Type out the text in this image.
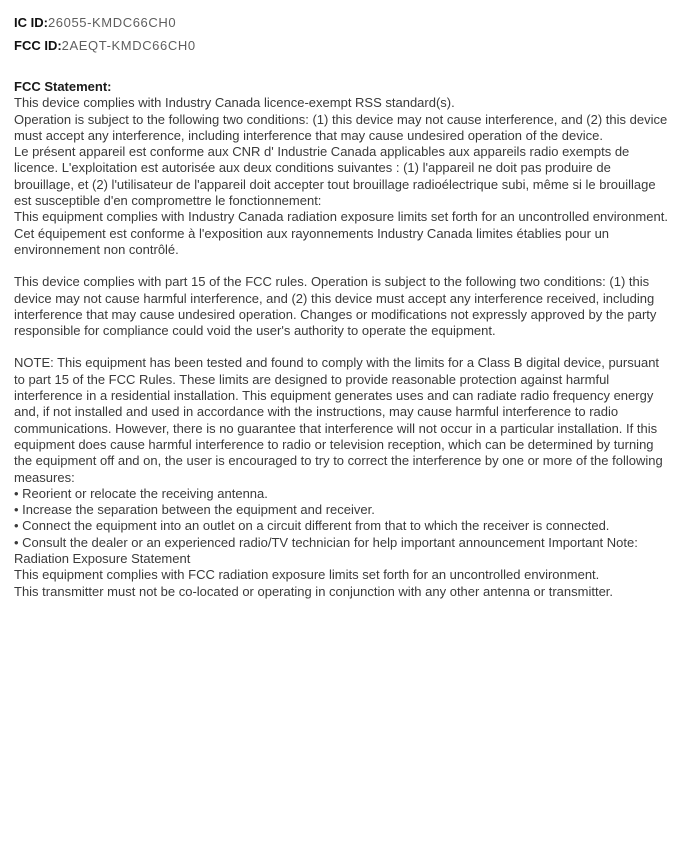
IC ID:26055-KMDC66CH0

FCC ID:2AEQT-KMDC66CH0

FCC Statement:

This device complies with Industry Canada licence-exempt RSS standard(s).

Operation is subject to the following two conditions: (1) this device may not cause interference, and (2) this device must accept any interference, including interference that may cause undesired operation of the device.

Le présent appareil est conforme aux CNR d' Industrie Canada applicables aux appareils radio exempts de licence. L'exploitation est autorisée aux deux conditions suivantes : (1) l'appareil ne doit pas produire de brouillage, et (2) l'utilisateur de l'appareil doit accepter tout brouillage radioélectrique subi, même si le brouillage est susceptible d'en compromettre le fonctionnement:

This equipment complies with Industry Canada radiation exposure limits set forth for an uncontrolled environment.

Cet équipement est conforme à l'exposition aux rayonnements Industry Canada limites établies pour un environnement non contrôlé.

This device complies with part 15 of the FCC rules. Operation is subject to the following two conditions: (1) this device may not cause harmful interference, and (2) this device must accept any interference received, including interference that may cause undesired operation. Changes or modifications not expressly approved by the party responsible for compliance could void the user's authority to operate the equipment.

NOTE: This equipment has been tested and found to comply with the limits for a Class B digital device, pursuant to part 15 of the FCC Rules. These limits are designed to provide reasonable protection against harmful interference in a residential installation. This equipment generates uses and can radiate radio frequency energy and, if not installed and used in accordance with the instructions, may cause harmful interference to radio communications. However, there is no guarantee that interference will not occur in a particular installation. If this equipment does cause harmful interference to radio or television reception, which can be determined by turning the equipment off and on, the user is encouraged to try to correct the interference by one or more of the following measures:

• Reorient or relocate the receiving antenna.

• Increase the separation between the equipment and receiver.

• Connect the equipment into an outlet on a circuit different from that to which the receiver is connected.

• Consult the dealer or an experienced radio/TV technician for help important announcement Important Note: Radiation Exposure Statement

This equipment complies with FCC radiation exposure limits set forth for an uncontrolled environment.

This transmitter must not be co-located or operating in conjunction with any other antenna or transmitter.
